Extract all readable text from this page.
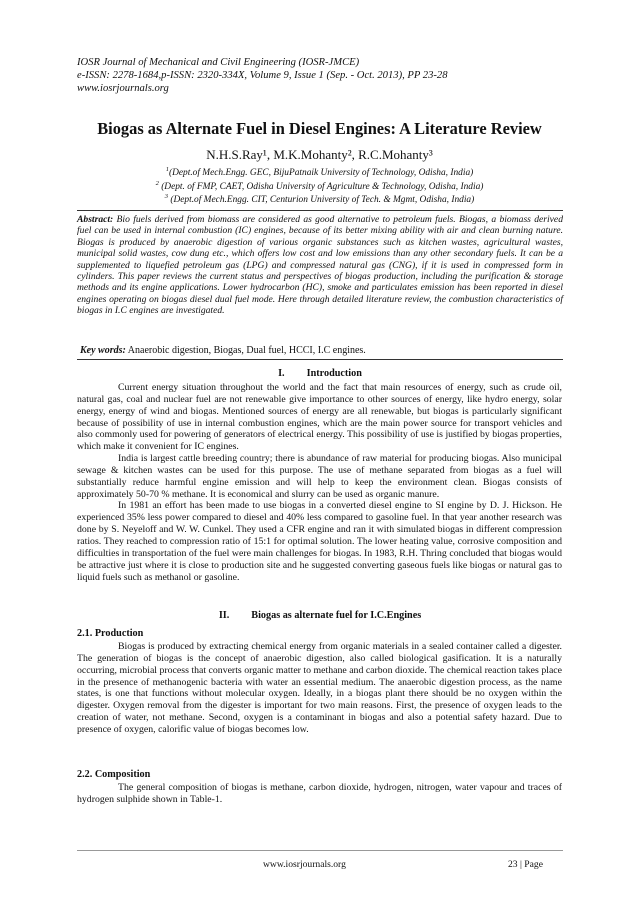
IOSR Journal of Mechanical and Civil Engineering (IOSR-JMCE)
e-ISSN: 2278-1684,p-ISSN: 2320-334X, Volume 9, Issue 1 (Sep. - Oct. 2013), PP 23-28
www.iosrjournals.org
Biogas as Alternate Fuel in Diesel Engines: A Literature Review
N.H.S.Ray¹, M.K.Mohanty², R.C.Mohanty³
$^1$(Dept.of Mech.Engg. GEC, BijuPatnaik University of Technology, Odisha, India)
$^2$ (Dept. of FMP, CAET, Odisha University of Agriculture & Technology, Odisha, India)
$^3$ (Dept.of Mech.Engg. CIT, Centurion University of Tech. & Mgmt, Odisha, India)
Abstract: Bio fuels derived from biomass are considered as good alternative to petroleum fuels. Biogas, a biomass derived fuel can be used in internal combustion (IC) engines, because of its better mixing ability with air and clean burning nature. Biogas is produced by anaerobic digestion of various organic substances such as kitchen wastes, agricultural wastes, municipal solid wastes, cow dung etc., which offers low cost and low emissions than any other secondary fuels. It can be a supplemented to liquefied petroleum gas (LPG) and compressed natural gas (CNG), if it is used in compressed form in cylinders. This paper reviews the current status and perspectives of biogas production, including the purification & storage methods and its engine applications. Lower hydrocarbon (HC), smoke and particulates emission has been reported in diesel engines operating on biogas diesel dual fuel mode. Here through detailed literature review, the combustion characteristics of biogas in I.C engines are investigated.
Key words: Anaerobic digestion, Biogas, Dual fuel, HCCI, I.C engines.
I. Introduction

Current energy situation throughout the world and the fact that main resources of energy, such as crude oil, natural gas, coal and nuclear fuel are not renewable give importance to other sources of energy, like hydro energy, solar energy, energy of wind and biogas. Mentioned sources of energy are all renewable, but biogas is particularly significant because of possibility of use in internal combustion engines, which are the main power source for transport vehicles and also commonly used for powering of generators of electrical energy. This possibility of use is justified by biogas properties, which make it convenient for IC engines.

India is largest cattle breeding country; there is abundance of raw material for producing biogas. Also municipal sewage & kitchen wastes can be used for this purpose. The use of methane separated from biogas as a fuel will substantially reduce harmful engine emission and will help to keep the environment clean. Biogas consists of approximately 50-70 % methane. It is economical and slurry can be used as organic manure.

In 1981 an effort has been made to use biogas in a converted diesel engine to SI engine by D. J. Hickson. He experienced 35% less power compared to diesel and 40% less compared to gasoline fuel. In that year another research was done by S. Neyeloff and W. W. Cunkel. They used a CFR engine and ran it with simulated biogas in different compression ratios. They reached to compression ratio of 15:1 for optimal solution. The lower heating value, corrosive composition and difficulties in transportation of the fuel were main challenges for biogas. In 1983, R.H. Thring concluded that biogas would be attractive just where it is close to production site and he suggested converting gaseous fuels like biogas or natural gas to liquid fuels such as methanol or gasoline.

II. Biogas as alternate fuel for I.C.Engines
2.1. Production

Biogas is produced by extracting chemical energy from organic materials in a sealed container called a digester. The generation of biogas is the concept of anaerobic digestion, also called biological gasification. It is a naturally occurring, microbial process that converts organic matter to methane and carbon dioxide. The chemical reaction takes place in the presence of methanogenic bacteria with water an essential medium. The anaerobic digestion process, as the name states, is one that functions without molecular oxygen. Ideally, in a biogas plant there should be no oxygen within the digester. Oxygen removal from the digester is important for two main reasons. First, the presence of oxygen leads to the creation of water, not methane. Second, oxygen is a contaminant in biogas and also a potential safety hazard. Due to presence of oxygen, calorific value of biogas becomes low.

2.2. Composition

The general composition of biogas is methane, carbon dioxide, hydrogen, nitrogen, water vapour and traces of hydrogen sulphide shown in Table-1.

www.iosrjournals.org	23 | Page
